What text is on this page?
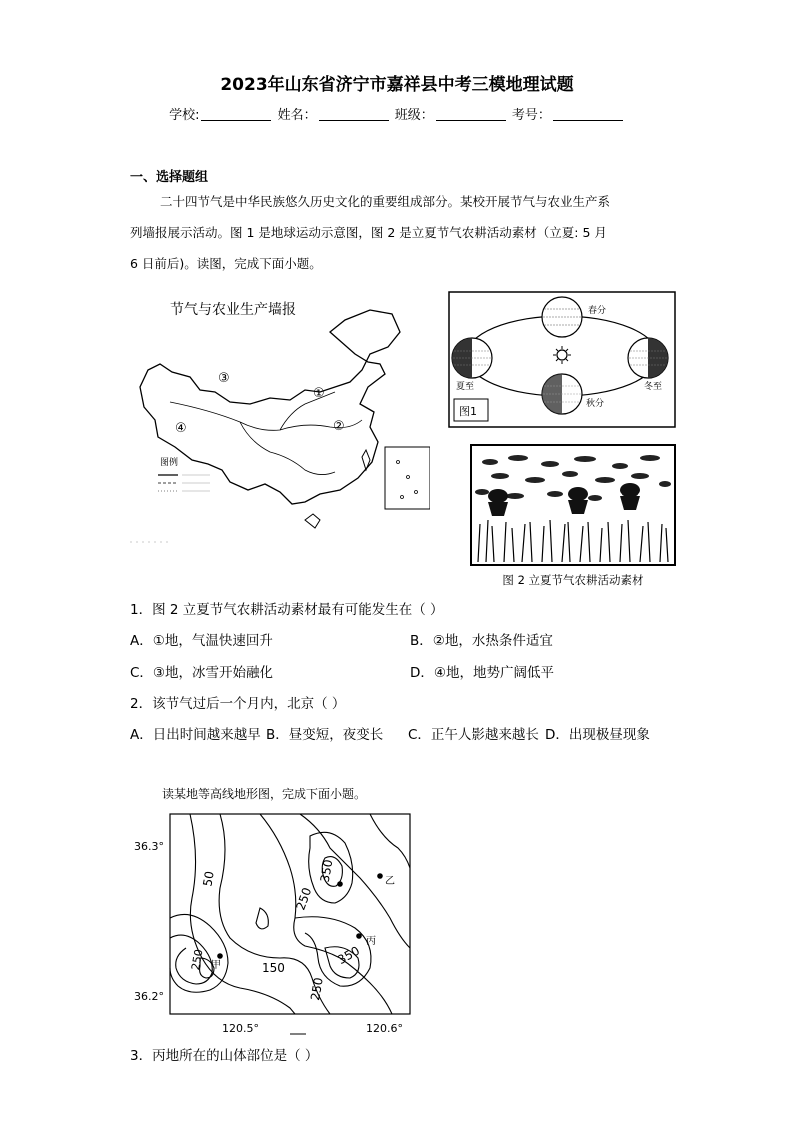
2023年山东省济宁市嘉祥县中考三模地理试题
学校:	姓名：	班级：	考号：
一、选择题组
二十四节气是中华民族悠久历史文化的重要组成部分。某校开展节气与农业生产系
列墙报展示活动。图 1 是地球运动示意图，图 2 是立夏节气农耕活动素材（立夏: 5 月
6 日前后)。读图，完成下面小题。
节气与农业生产墙报
③
①
②
④
图例
春分
夏至	冬至
秋分
图1
图 2 立夏节气农耕活动素材
1．图 2 立夏节气农耕活动素材最有可能发生在（ ）
A．①地，气温快速回升	B．②地，水热条件适宜
C．③地，冰雪开始融化	D．④地，地势广阔低平
2．该节气过后一个月内，北京（ ）
A．日出时间越来越早 B．昼变短，夜变长 C．正午人影越来越长 D．出现极昼现象
读某地等高线地形图，完成下面小题。
36.3°
36.2°
120.5°	120.6°
50	350
250
250	150
250
350
甲
丙
乙
3．丙地所在的山体部位是（ ）
